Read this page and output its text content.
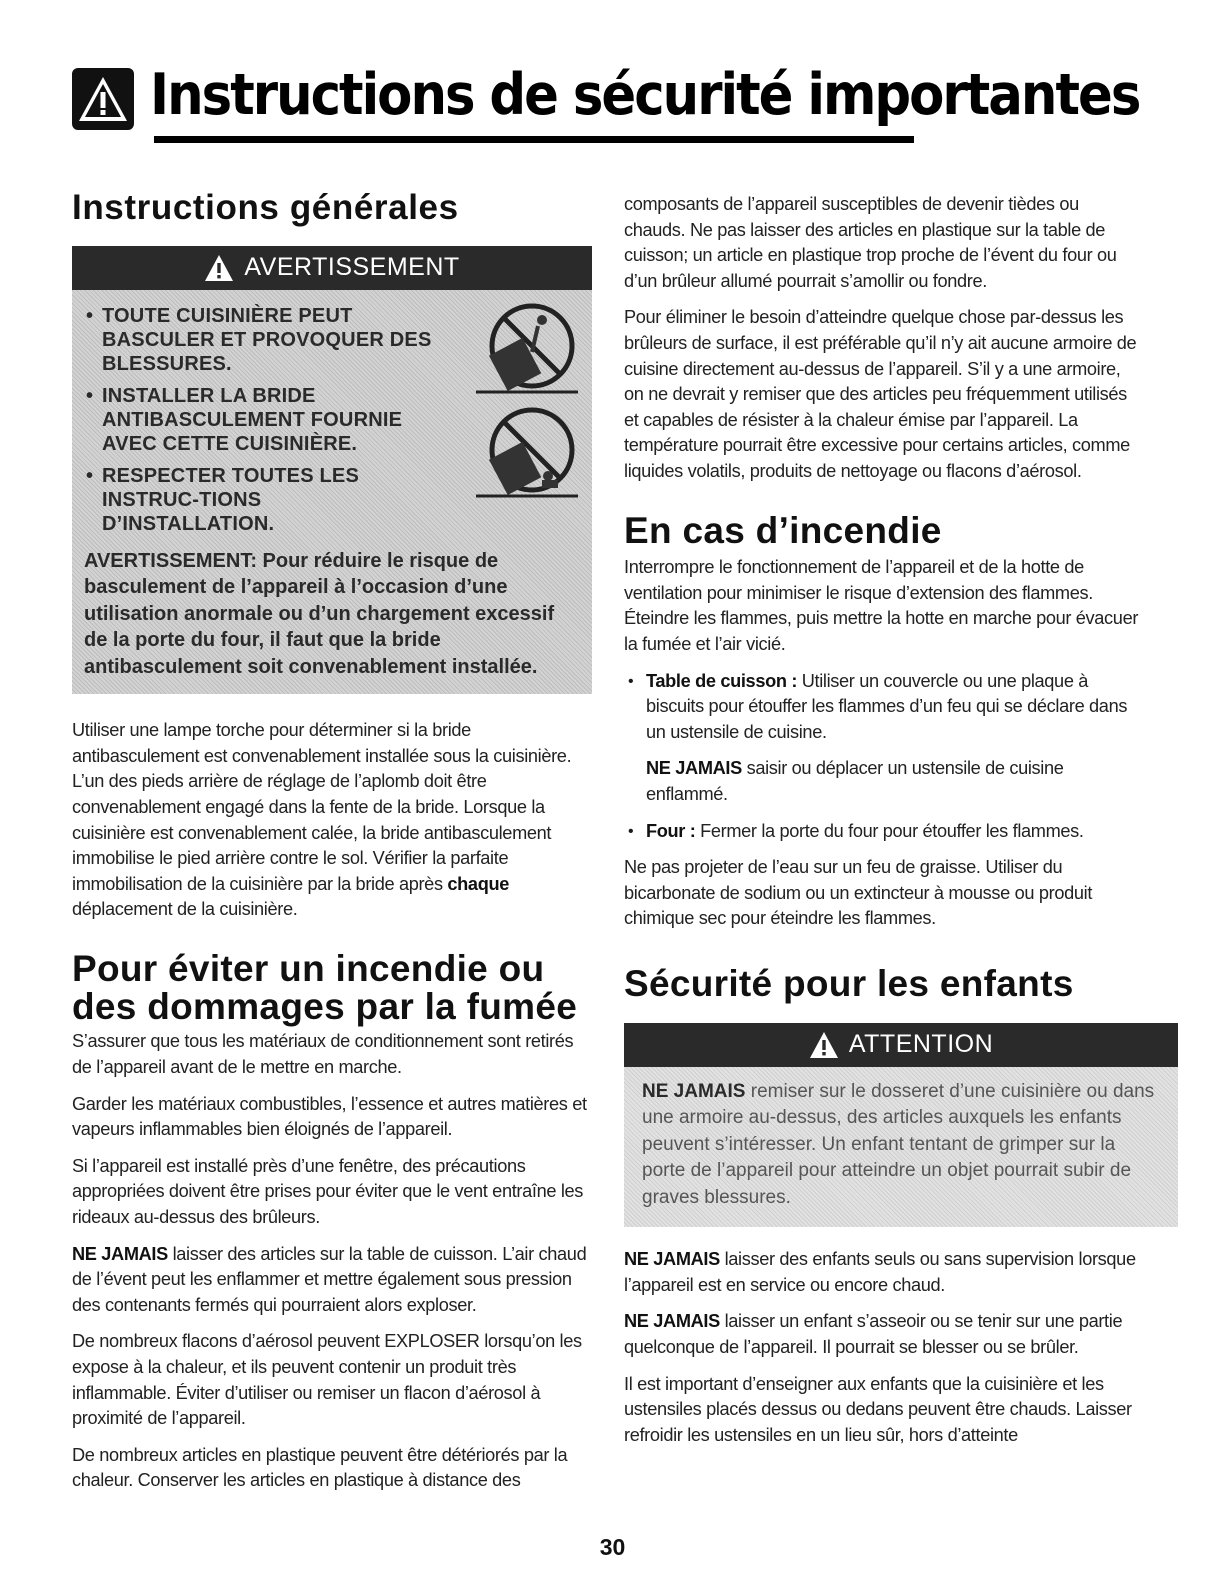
Instructions de sécurité importantes
Instructions générales
AVERTISSEMENT
• TOUTE CUISINIÈRE PEUT BASCULER ET PROVOQUER DES BLESSURES.
• INSTALLER LA BRIDE ANTIBASCULEMENT FOURNIE AVEC CETTE CUISINIÈRE.
• RESPECTER TOUTES LES INSTRUC-TIONS D’INSTALLATION.
AVERTISSEMENT: Pour réduire le risque de basculement de l’appareil à l’occasion d’une utilisation anormale ou d’un chargement excessif de la porte du four, il faut que la bride antibasculement soit convenablement installée.

Utiliser une lampe torche pour déterminer si la bride antibasculement est convenablement installée sous la cuisinière. L’un des pieds arrière de réglage de l’aplomb doit être convenablement engagé dans la fente de la bride. Lorsque la cuisinière est convenablement calée, la bride antibasculement immobilise le pied arrière contre le sol. Vérifier la parfaite immobilisation de la cuisinière par la bride après chaque déplacement de la cuisinière.

Pour éviter un incendie ou des dommages par la fumée

S’assurer que tous les matériaux de conditionnement sont retirés de l’appareil avant de le mettre en marche.

Garder les matériaux combustibles, l’essence et autres matières et vapeurs inflammables bien éloignés de l’appareil.

Si l’appareil est installé près d’une fenêtre, des précautions appropriées doivent être prises pour éviter que le vent entraîne les rideaux au-dessus des brûleurs.

NE JAMAIS laisser des articles sur la table de cuisson. L’air chaud de l’évent peut les enflammer et mettre également sous pression des contenants fermés qui pourraient alors exploser.

De nombreux flacons d’aérosol peuvent EXPLOSER lorsqu’on les expose à la chaleur, et ils peuvent contenir un produit très inflammable. Éviter d’utiliser ou remiser un flacon d’aérosol à proximité de l’appareil.

De nombreux articles en plastique peuvent être détériorés par la chaleur. Conserver les articles en plastique à distance des

composants de l’appareil susceptibles de devenir tièdes ou chauds. Ne pas laisser des articles en plastique sur la table de cuisson; un article en plastique trop proche de l’évent du four ou d’un brûleur allumé pourrait s’amollir ou fondre.

Pour éliminer le besoin d’atteindre quelque chose par-dessus les brûleurs de surface, il est préférable qu’il n’y ait aucune armoire de cuisine directement au-dessus de l’appareil. S’il y a une armoire, on ne devrait y remiser que des articles peu fréquemment utilisés et capables de résister à la chaleur émise par l’appareil. La température pourrait être excessive pour certains articles, comme liquides volatils, produits de nettoyage ou flacons d’aérosol.

En cas d’incendie

Interrompre le fonctionnement de l’appareil et de la hotte de ventilation pour minimiser le risque d’extension des flammes. Éteindre les flammes, puis mettre la hotte en marche pour évacuer la fumée et l’air vicié.

• Table de cuisson : Utiliser un couvercle ou une plaque à biscuits pour étouffer les flammes d’un feu qui se déclare dans un ustensile de cuisine.

NE JAMAIS saisir ou déplacer un ustensile de cuisine enflammé.

• Four : Fermer la porte du four pour étouffer les flammes.

Ne pas projeter de l’eau sur un feu de graisse. Utiliser du bicarbonate de sodium ou un extincteur à mousse ou produit chimique sec pour éteindre les flammes.

Sécurité pour les enfants
ATTENTION
NE JAMAIS remiser sur le dosseret d’une cuisinière ou dans une armoire au-dessus, des articles auxquels les enfants peuvent s’intéresser. Un enfant tentant de grimper sur la porte de l’appareil pour atteindre un objet pourrait subir de graves blessures.

NE JAMAIS laisser des enfants seuls ou sans supervision lorsque l’appareil est en service ou encore chaud.

NE JAMAIS laisser un enfant s’asseoir ou se tenir sur une partie quelconque de l’appareil. Il pourrait se blesser ou se brûler.

Il est important d’enseigner aux enfants que la cuisinière et les ustensiles placés dessus ou dedans peuvent être chauds. Laisser refroidir les ustensiles en un lieu sûr, hors d’atteinte

30
